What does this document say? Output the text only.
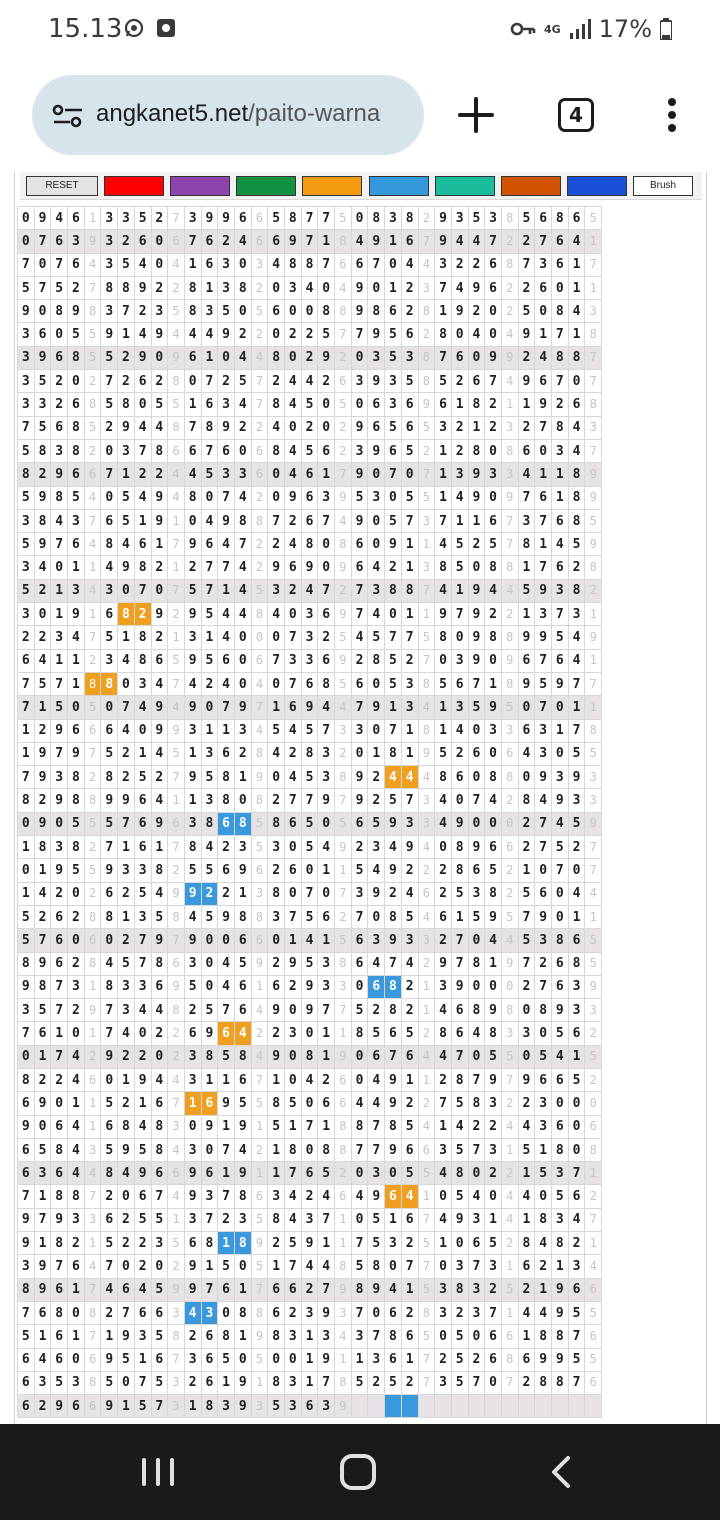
15.13	4G 17%
angkanet5.net/paito-warna	4
RESET	Brush
0	9	4	6	1	3	3	5	2	7	3	9	9	6	6	5	8	7	7	5	0	8	3	8	2	9	3	5	3	8	5	6	8	6	5
0	7	6	3	9	3	2	6	0	6	7	6	2	4	6	6	9	7	1	8	4	9	1	6	7	9	4	4	7	2	2	7	6	4	1
7	0	7	6	4	3	5	4	0	4	1	6	3	0	3	4	8	8	7	6	6	7	0	4	4	3	2	2	6	8	7	3	6	1	7
5	7	5	2	7	8	8	9	2	2	8	1	3	8	2	0	3	4	0	4	9	0	1	2	3	7	4	9	6	2	2	6	0	1	1
9	0	8	9	8	3	7	2	3	5	8	3	5	0	5	6	0	0	8	8	9	8	6	2	8	1	9	2	0	2	5	0	8	4	3
3	6	0	5	5	9	1	4	9	4	4	4	9	2	2	0	2	2	5	7	7	9	5	6	2	8	0	4	0	4	9	1	7	1	8
3	9	6	8	5	5	2	9	0	9	6	1	0	4	4	8	0	2	9	2	0	3	5	3	8	7	6	0	9	9	2	4	8	8	7
3	5	2	0	2	7	2	6	2	8	0	7	2	5	7	2	4	4	2	6	3	9	3	5	8	5	2	6	7	4	9	6	7	0	7
3	3	2	6	8	5	8	0	5	5	1	6	3	4	7	8	4	5	0	5	0	6	3	6	9	6	1	8	2	1	1	9	2	6	8
7	5	6	8	5	2	9	4	4	8	7	8	9	2	2	4	0	2	0	2	9	6	5	6	5	3	2	1	2	3	2	7	8	4	3
5	8	3	8	2	0	3	7	8	6	6	7	6	0	6	8	4	5	6	2	3	9	6	5	2	1	2	8	0	8	6	0	3	4	7
8	2	9	6	6	7	1	2	2	4	4	5	3	3	6	0	4	6	1	7	9	0	7	0	7	1	3	9	3	3	4	1	1	8	9
5	9	8	5	4	0	5	4	9	4	8	0	7	4	2	0	9	6	3	9	5	3	0	5	5	1	4	9	0	9	7	6	1	8	9
3	8	4	3	7	6	5	1	9	1	0	4	9	8	8	7	2	6	7	4	9	0	5	7	3	7	1	1	6	7	3	7	6	8	5
5	9	7	6	4	8	4	6	1	7	9	6	4	7	2	2	4	8	0	8	6	0	9	1	1	4	5	2	5	7	8	1	4	5	9
3	4	0	1	1	4	9	8	2	1	2	7	7	4	2	9	6	9	0	9	6	4	2	1	3	8	5	0	8	8	1	7	6	2	8
5	2	1	3	4	3	0	7	0	7	5	7	1	4	5	3	2	4	7	2	7	3	8	8	7	4	1	9	4	4	5	9	3	8	2
3	0	1	9	1	6	8	2	9	2	9	5	4	4	8	4	0	3	6	9	7	4	0	1	1	9	7	9	2	2	1	3	7	3	1
2	2	3	4	7	5	1	8	2	1	3	1	4	0	0	0	7	3	2	5	4	5	7	7	5	8	0	9	8	8	9	9	5	4	9
6	4	1	1	2	3	4	8	6	5	9	5	6	0	6	7	3	3	6	9	2	8	5	2	7	0	3	9	0	9	6	7	6	4	1
7	5	7	1	8	8	0	3	4	7	4	2	4	0	4	0	7	6	8	5	6	0	5	3	8	5	6	7	1	8	9	5	9	7	7
7	1	5	0	5	0	7	4	9	4	9	0	7	9	7	1	6	9	4	4	7	9	1	3	4	1	3	5	9	5	0	7	0	1	1
1	2	9	6	6	6	4	0	9	9	3	1	1	3	4	5	4	5	7	3	3	0	7	1	8	1	4	0	3	3	6	3	1	7	8
1	9	7	9	7	5	2	1	4	5	1	3	6	2	8	4	2	8	3	2	0	1	8	1	9	5	2	6	0	6	4	3	0	5	5
7	9	3	8	2	8	2	5	2	7	9	5	8	1	9	0	4	5	3	8	9	2	4	4	4	8	6	0	8	8	0	9	3	9	3
8	2	9	8	8	9	9	6	4	1	1	3	8	0	8	2	7	7	9	7	9	2	5	7	3	4	0	7	4	2	8	4	9	3	3
0	9	0	5	5	5	7	6	9	6	3	8	6	8	5	8	6	5	0	5	6	5	9	3	3	4	9	0	0	0	2	7	4	5	9
1	8	3	8	2	7	1	6	1	7	8	4	2	3	5	3	0	5	4	9	2	3	4	9	4	0	8	9	6	6	2	7	5	2	7
0	1	9	5	5	9	3	3	8	2	5	5	6	9	6	2	6	0	1	1	5	4	9	2	2	2	8	6	5	2	1	0	7	0	7
1	4	2	0	2	6	2	5	4	9	9	2	2	1	3	8	0	7	0	7	3	9	2	4	6	2	5	3	8	2	5	6	0	4	4
5	2	6	2	8	8	1	3	5	8	4	5	9	8	8	3	7	5	6	2	7	0	8	5	4	6	1	5	9	5	7	9	0	1	1
5	7	6	0	6	0	2	7	9	7	9	0	0	6	6	0	1	4	1	5	6	3	9	3	3	2	7	0	4	4	5	3	8	6	5
8	9	6	2	8	4	5	7	8	6	3	0	4	5	9	2	9	5	3	8	6	4	7	4	2	9	7	8	1	9	7	2	6	8	5
9	8	7	3	1	8	3	3	6	9	5	0	4	6	1	6	2	9	3	3	0	6	8	2	1	3	9	0	0	0	2	7	6	3	9
3	5	7	2	9	7	3	4	4	8	2	5	7	6	4	9	0	9	7	7	5	2	8	2	1	4	6	8	9	8	0	8	9	3	3
7	6	1	0	1	7	4	0	2	2	6	9	6	4	2	2	3	0	1	1	8	5	6	5	2	8	6	4	8	3	3	0	5	6	2
0	1	7	4	2	9	2	2	0	2	3	8	5	8	4	9	0	8	1	9	0	6	7	6	4	4	7	0	5	5	0	5	4	1	5
8	2	2	4	6	0	1	9	4	4	3	1	1	6	7	1	0	4	2	6	0	4	9	1	1	2	8	7	9	7	9	6	6	5	2
6	9	0	1	1	5	2	1	6	7	1	6	9	5	5	8	5	0	6	6	4	4	9	2	2	7	5	8	3	2	2	3	0	0	0
9	0	6	4	1	6	8	4	8	3	0	9	1	9	1	5	1	7	1	8	8	7	8	5	4	1	4	2	2	4	4	3	6	0	6
6	5	8	4	3	5	9	5	8	4	3	0	7	4	2	1	8	0	8	8	7	7	9	6	6	3	5	7	3	1	5	1	8	0	8
6	3	6	4	4	8	4	9	6	6	9	6	1	9	1	1	7	6	5	2	0	3	0	5	5	4	8	0	2	2	1	5	3	7	1
7	1	8	8	7	2	0	6	7	4	9	3	7	8	6	3	4	2	4	6	4	9	6	4	1	0	5	4	0	4	4	0	5	6	2
9	7	9	3	3	6	2	5	5	1	3	7	2	3	5	8	4	3	7	1	0	5	1	6	7	4	9	3	1	4	1	8	3	4	7
9	1	8	2	1	5	2	2	3	5	6	8	1	8	9	2	5	9	1	1	7	5	3	2	5	1	0	6	5	2	8	4	8	2	1
3	9	7	6	4	7	0	2	0	2	9	1	5	0	5	1	7	4	4	8	5	8	0	7	7	0	3	7	3	1	6	2	1	3	4
8	9	6	1	7	4	6	4	5	9	9	7	6	1	7	6	6	2	7	9	8	9	4	1	5	3	8	3	2	5	2	1	9	6	6
7	6	8	0	8	2	7	6	6	3	4	3	0	8	8	6	2	3	9	3	7	0	6	2	8	3	2	3	7	1	4	4	9	5	5
5	1	6	1	7	1	9	3	5	8	2	6	8	1	9	8	3	1	3	4	3	7	8	6	5	0	5	0	6	6	1	8	8	7	6
6	4	6	0	6	9	5	1	6	7	3	6	5	0	5	0	0	1	9	1	1	3	6	1	7	2	5	2	6	8	6	9	9	5	5
6	3	5	3	8	5	0	7	5	3	2	6	1	9	1	8	3	1	7	8	5	2	5	2	7	3	5	7	0	7	2	8	8	7	6
6	2	9	6	6	9	1	5	7	3	1	8	3	9	3	5	3	6	3	9															
